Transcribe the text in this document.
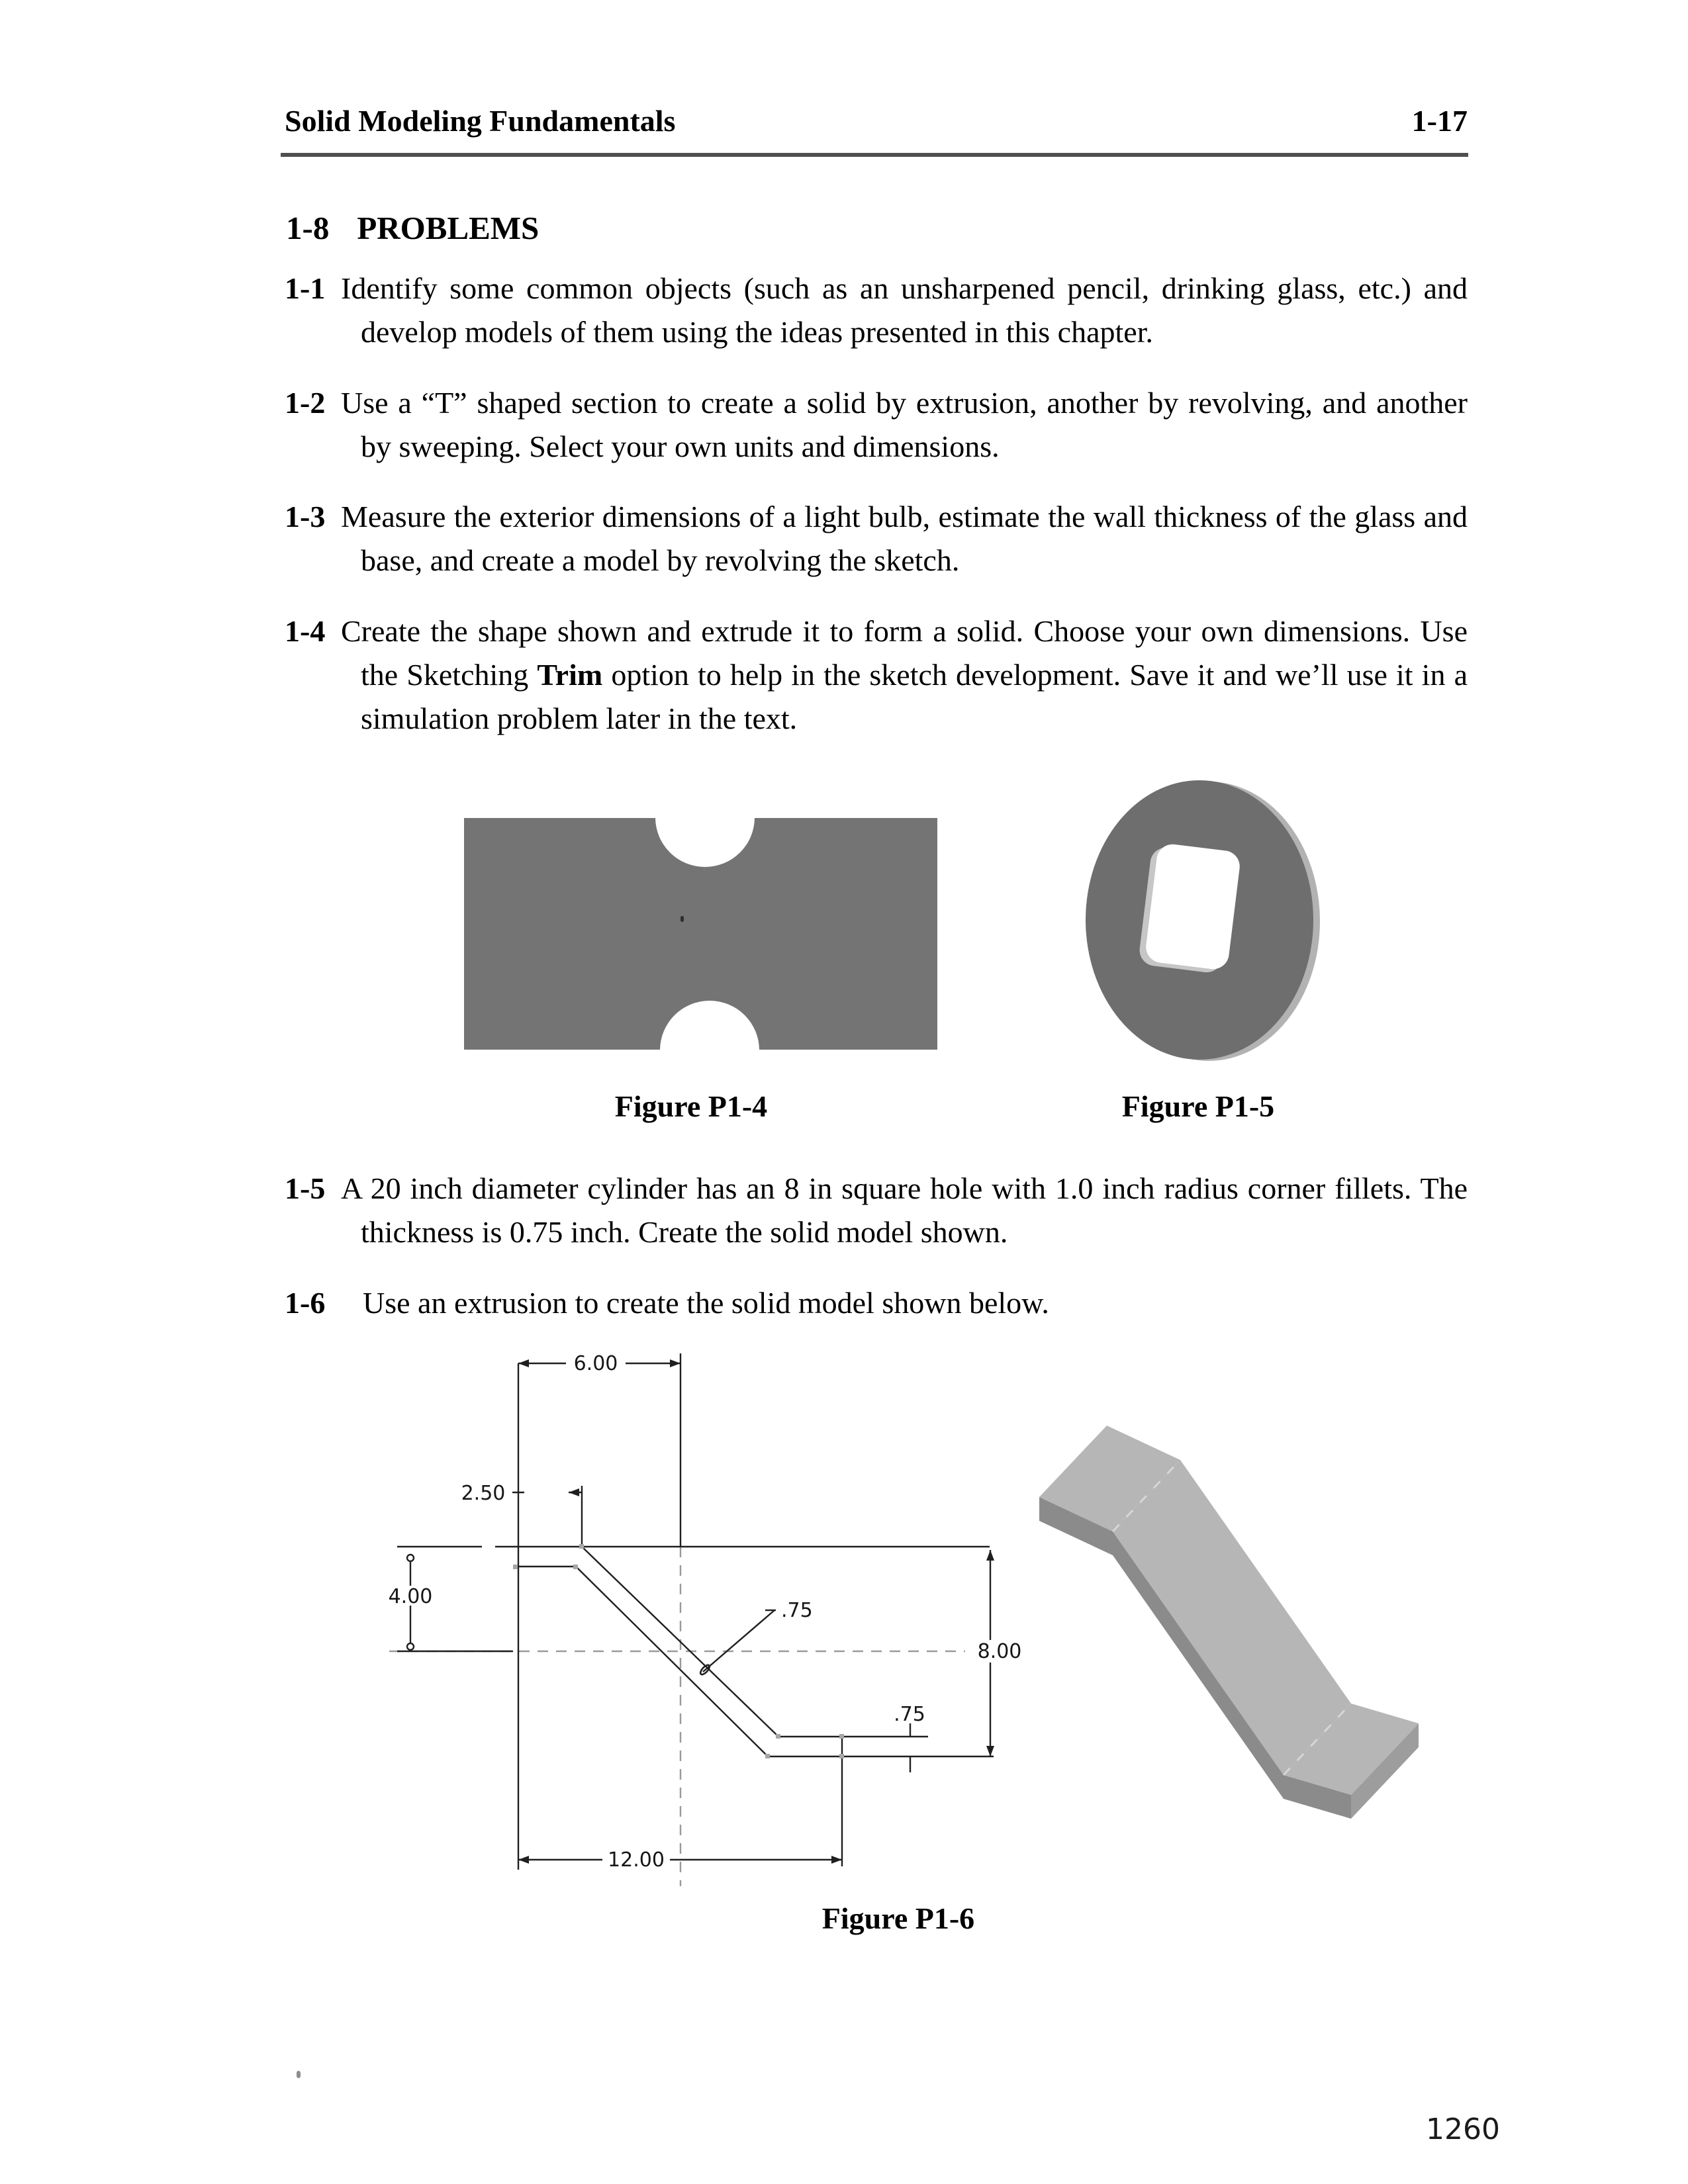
Solid Modeling Fundamentals	1-17
1-8 PROBLEMS
1-1 Identify some common objects (such as an unsharpened pencil, drinking glass, etc.) and develop models of them using the ideas presented in this chapter.
1-2 Use a “T” shaped section to create a solid by extrusion, another by revolving, and another by sweeping. Select your own units and dimensions.
1-3 Measure the exterior dimensions of a light bulb, estimate the wall thickness of the glass and base, and create a model by revolving the sketch.
1-4 Create the shape shown and extrude it to form a solid. Choose your own dimensions. Use the Sketching Trim option to help in the sketch development. Save it and we’ll use it in a simulation problem later in the text.
1-5 A 20 inch diameter cylinder has an 8 in square hole with 1.0 inch radius corner fillets. The thickness is 0.75 inch. Create the solid model shown.
1-6 Use an extrusion to create the solid model shown below.
Figure P1-4	Figure P1-5
6.00
2.50
4.00
8.00
12.00
.75
.75
Figure P1-6
1260
